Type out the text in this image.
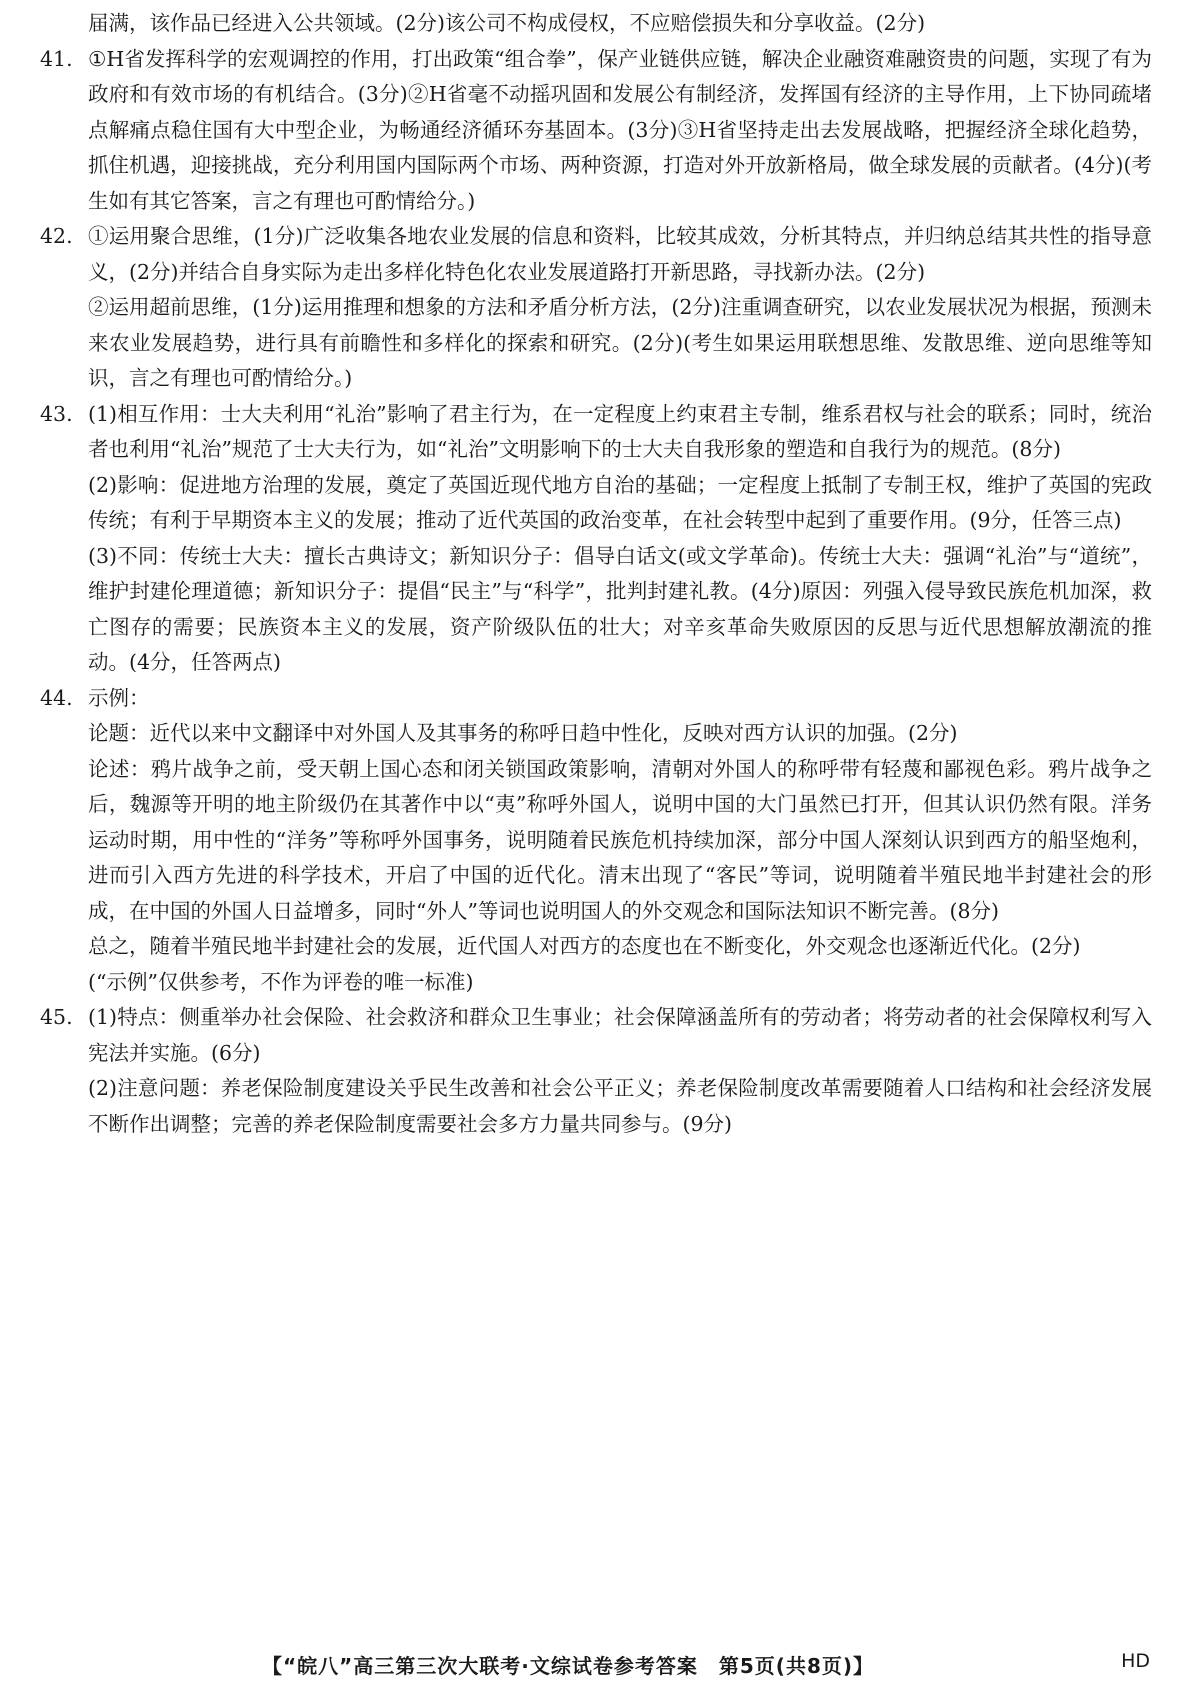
届满，该作品已经进入公共领域。(2分)该公司不构成侵权，不应赔偿损失和分享收益。(2分)

41. ①H省发挥科学的宏观调控的作用，打出政策“组合拳”，保产业链供应链，解决企业融资难融资贵的问题，实现了有为政府和有效市场的有机结合。(3分)②H省毫不动摇巩固和发展公有制经济，发挥国有经济的主导作用，上下协同疏堵点解痛点稳住国有大中型企业，为畅通经济循环夯基固本。(3分)③H省坚持走出去发展战略，把握经济全球化趋势，抓住机遇，迎接挑战，充分利用国内国际两个市场、两种资源，打造对外开放新格局，做全球发展的贡献者。(4分)(考生如有其它答案，言之有理也可酌情给分。)

42. ①运用聚合思维，(1分)广泛收集各地农业发展的信息和资料，比较其成效，分析其特点，并归纳总结其共性的指导意义，(2分)并结合自身实际为走出多样化特色化农业发展道路打开新思路，寻找新办法。(2分)

②运用超前思维，(1分)运用推理和想象的方法和矛盾分析方法，(2分)注重调查研究，以农业发展状况为根据，预测未来农业发展趋势，进行具有前瞻性和多样化的探索和研究。(2分)(考生如果运用联想思维、发散思维、逆向思维等知识，言之有理也可酌情给分。)

43. (1)相互作用：士大夫利用“礼治”影响了君主行为，在一定程度上约束君主专制，维系君权与社会的联系；同时，统治者也利用“礼治”规范了士大夫行为，如“礼治”文明影响下的士大夫自我形象的塑造和自我行为的规范。(8分)

(2)影响：促进地方治理的发展，奠定了英国近现代地方自治的基础；一定程度上抵制了专制王权，维护了英国的宪政传统；有利于早期资本主义的发展；推动了近代英国的政治变革，在社会转型中起到了重要作用。(9分，任答三点)

(3)不同：传统士大夫：擅长古典诗文；新知识分子：倡导白话文(或文学革命)。传统士大夫：强调“礼治”与“道统”，维护封建伦理道德；新知识分子：提倡“民主”与“科学”，批判封建礼教。(4分)原因：列强入侵导致民族危机加深，救亡图存的需要；民族资本主义的发展，资产阶级队伍的壮大；对辛亥革命失败原因的反思与近代思想解放潮流的推动。(4分，任答两点)

44. 示例：

论题：近代以来中文翻译中对外国人及其事务的称呼日趋中性化，反映对西方认识的加强。(2分)

论述：鸦片战争之前，受天朝上国心态和闭关锁国政策影响，清朝对外国人的称呼带有轻蔑和鄙视色彩。鸦片战争之后，魏源等开明的地主阶级仍在其著作中以“夷”称呼外国人，说明中国的大门虽然已打开，但其认识仍然有限。洋务运动时期，用中性的“洋务”等称呼外国事务，说明随着民族危机持续加深，部分中国人深刻认识到西方的船坚炮利，进而引入西方先进的科学技术，开启了中国的近代化。清末出现了“客民”等词，说明随着半殖民地半封建社会的形成，在中国的外国人日益增多，同时“外人”等词也说明国人的外交观念和国际法知识不断完善。(8分)

总之，随着半殖民地半封建社会的发展，近代国人对西方的态度也在不断变化，外交观念也逐渐近代化。(2分)

(“示例”仅供参考，不作为评卷的唯一标准)

45. (1)特点：侧重举办社会保险、社会救济和群众卫生事业；社会保障涵盖所有的劳动者；将劳动者的社会保障权利写入宪法并实施。(6分)

(2)注意问题：养老保险制度建设关乎民生改善和社会公平正义；养老保险制度改革需要随着人口结构和社会经济发展不断作出调整；完善的养老保险制度需要社会多方力量共同参与。(9分)

【“皖八”高三第三次大联考·文综试卷参考答案　第5页(共8页)】	HD
